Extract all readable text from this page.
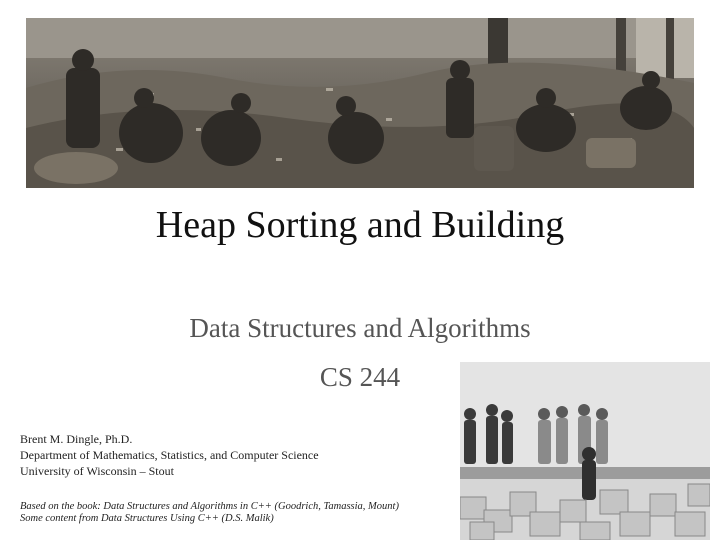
Heap Sorting and Building
Data Structures and Algorithms
CS 244
Brent M. Dingle, Ph.D.
Department of Mathematics, Statistics, and Computer Science
University of Wisconsin – Stout
Based on the book: Data Structures and Algorithms in C++ (Goodrich, Tamassia, Mount)
Some content from Data Structures Using C++ (D.S. Malik)
